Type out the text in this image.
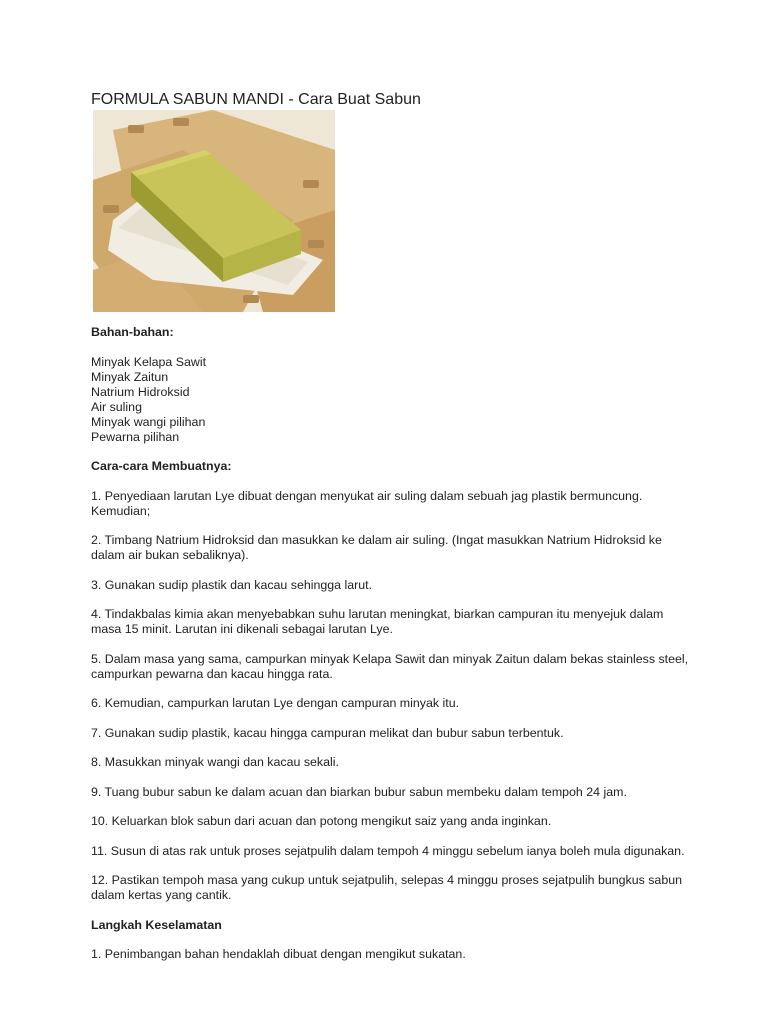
FORMULA SABUN MANDI - Cara Buat Sabun

Bahan-bahan:

Minyak Kelapa Sawit
Minyak Zaitun
Natrium Hidroksid
Air suling
Minyak wangi pilihan
Pewarna pilihan

Cara-cara Membuatnya:

1. Penyediaan larutan Lye dibuat dengan menyukat air suling dalam sebuah jag plastik bermuncung. Kemudian;

2. Timbang Natrium Hidroksid dan masukkan ke dalam air suling. (Ingat masukkan Natrium Hidroksid ke dalam air bukan sebaliknya).

3. Gunakan sudip plastik dan kacau sehingga larut.

4. Tindakbalas kimia akan menyebabkan suhu larutan meningkat, biarkan campuran itu menyejuk dalam masa 15 minit. Larutan ini dikenali sebagai larutan Lye.

5. Dalam masa yang sama, campurkan minyak Kelapa Sawit dan minyak Zaitun dalam bekas stainless steel, campurkan pewarna dan kacau hingga rata.

6. Kemudian, campurkan larutan Lye dengan campuran minyak itu.

7. Gunakan sudip plastik, kacau hingga campuran melikat dan bubur sabun terbentuk.

8. Masukkan minyak wangi dan kacau sekali.

9. Tuang bubur sabun ke dalam acuan dan biarkan bubur sabun membeku dalam tempoh 24 jam.

10. Keluarkan blok sabun dari acuan dan potong mengikut saiz yang anda inginkan.

11. Susun di atas rak untuk proses sejatpulih dalam tempoh 4 minggu sebelum ianya boleh mula digunakan.

12. Pastikan tempoh masa yang cukup untuk sejatpulih, selepas 4 minggu proses sejatpulih bungkus sabun dalam kertas yang cantik.

Langkah Keselamatan

1. Penimbangan bahan hendaklah dibuat dengan mengikut sukatan.
